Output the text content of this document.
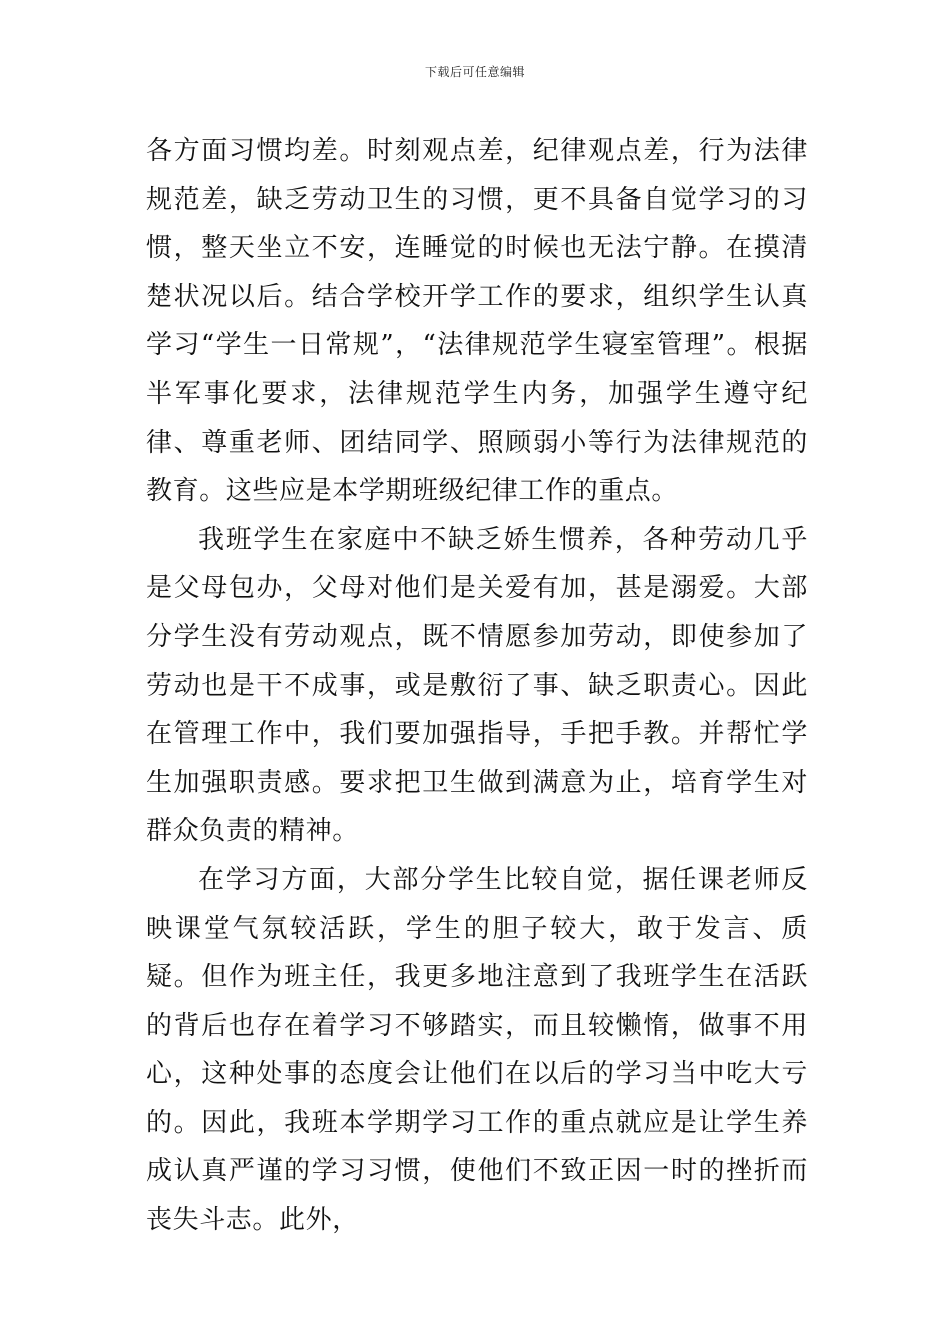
下载后可任意编辑

各方面习惯均差。时刻观点差，纪律观点差，行为法律规范差，缺乏劳动卫生的习惯，更不具备自觉学习的习惯，整天坐立不安，连睡觉的时候也无法宁静。在摸清楚状况以后。结合学校开学工作的要求，组织学生认真学习“学生一日常规”，“法律规范学生寝室管理”。根据半军事化要求，法律规范学生内务，加强学生遵守纪律、尊重老师、团结同学、照顾弱小等行为法律规范的教育。这些应是本学期班级纪律工作的重点。

我班学生在家庭中不缺乏娇生惯养，各种劳动几乎是父母包办，父母对他们是关爱有加，甚是溺爱。大部分学生没有劳动观点，既不情愿参加劳动，即使参加了劳动也是干不成事，或是敷衍了事、缺乏职责心。因此在管理工作中，我们要加强指导，手把手教。并帮忙学生加强职责感。要求把卫生做到满意为止，培育学生对群众负责的精神。

在学习方面，大部分学生比较自觉，据任课老师反映课堂气氛较活跃，学生的胆子较大，敢于发言、质疑。但作为班主任，我更多地注意到了我班学生在活跃的背后也存在着学习不够踏实，而且较懒惰，做事不用心，这种处事的态度会让他们在以后的学习当中吃大亏的。因此，我班本学期学习工作的重点就应是让学生养成认真严谨的学习习惯，使他们不致正因一时的挫折而丧失斗志。此外，
